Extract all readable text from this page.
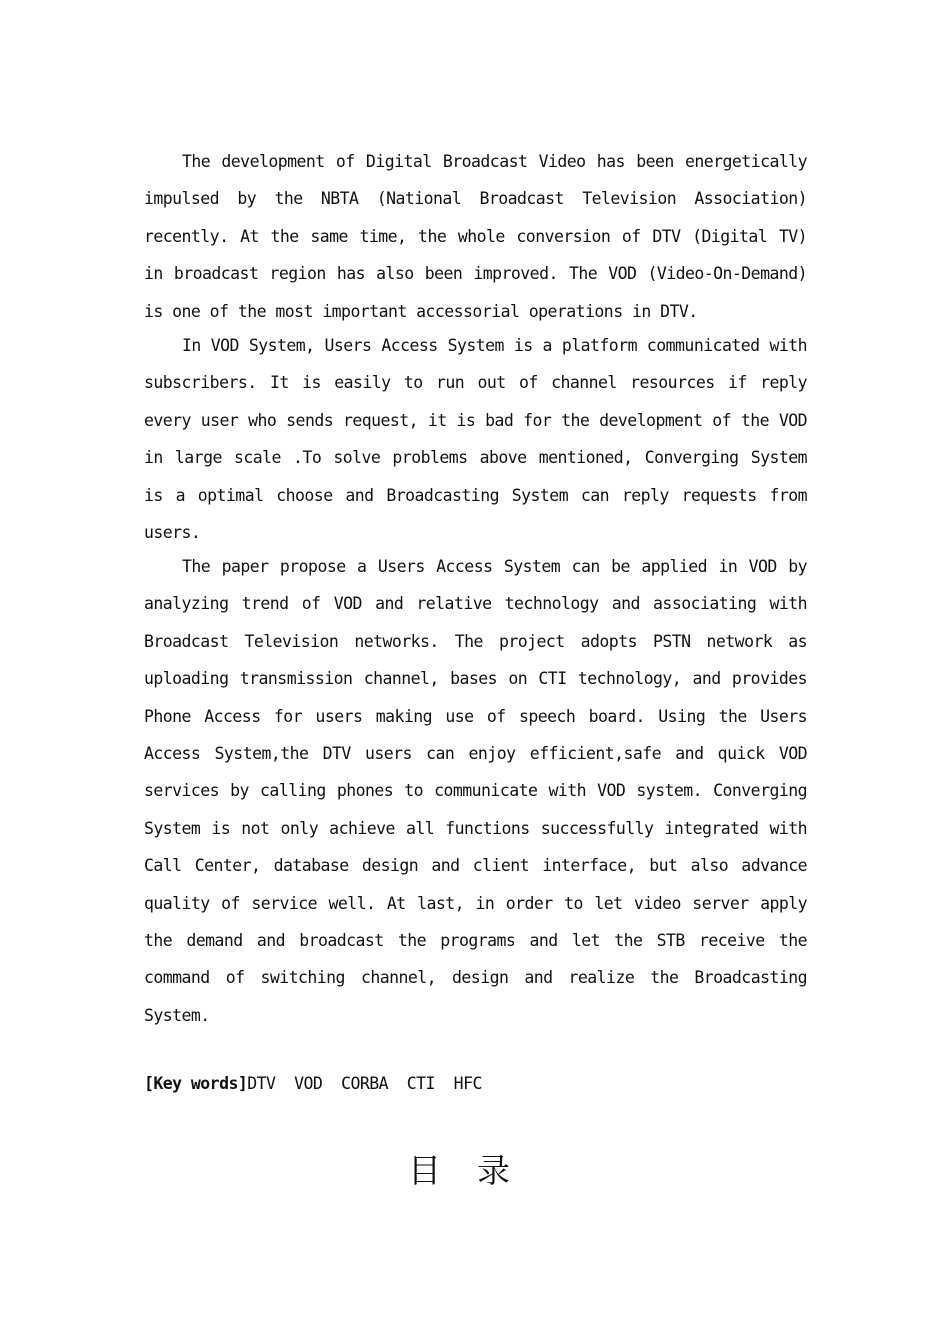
The development of Digital Broadcast Video has been energetically impulsed by the NBTA (National Broadcast Television Association) recently. At the same time, the whole conversion of DTV (Digital TV) in broadcast region has also been improved. The VOD (Video-On-Demand) is one of the most important accessorial operations in DTV.

In VOD System, Users Access System is a platform communicated with subscribers. It is easily to run out of channel resources if reply every user who sends request, it is bad for the development of the VOD in large scale .To solve problems above mentioned, Converging System is a optimal choose and Broadcasting System can reply requests from users.

The paper propose a Users Access System can be applied in VOD by analyzing trend of VOD and relative technology and associating with Broadcast Television networks. The project adopts PSTN network as uploading transmission channel, bases on CTI technology, and provides Phone Access for users making use of speech board. Using the Users Access System,the DTV users can enjoy efficient,safe and quick VOD services by calling phones to communicate with VOD system. Converging System is not only achieve all functions successfully integrated with Call Center, database design and client interface, but also advance quality of service well. At last, in order to let video server apply the demand and broadcast the programs and let the STB receive the command of switching channel, design and realize the Broadcasting System.

[Key words]DTV  VOD  CORBA  CTI  HFC
目录
